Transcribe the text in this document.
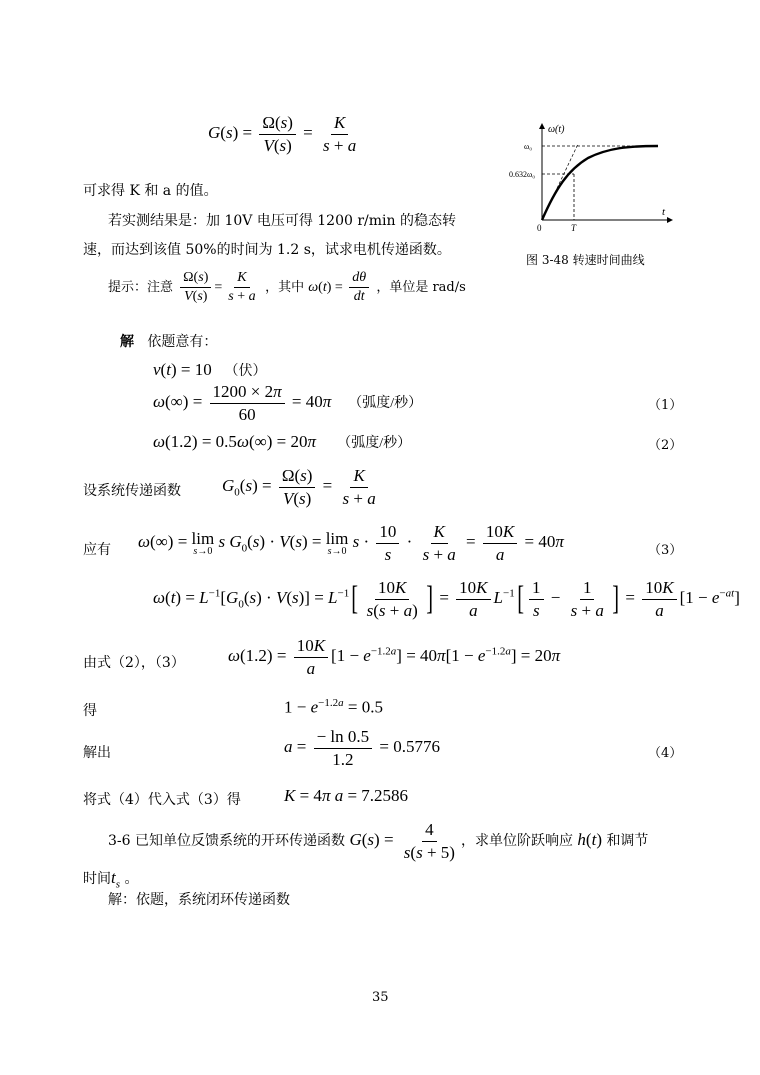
$G(s) = \frac{\Omega(s)}{V(s)} = \frac{K}{s + a}$	ω(t)
t
0	T
ω₀
0.632ω₀
图 3-48 转速时间曲线
可求得 K 和 a 的值。
若实测结果是：加 10V 电压可得 1200 r/min 的稳态转
速，而达到该值 50%的时间为 1.2 s，试求电机传递函数。
提示：注意 $\frac{\Omega(s)}{V(s)} = \frac{K}{s + a}$ ，其中 $\omega(t) = \frac{d\theta}{dt}$ ，单位是 rad/s
解 依题意有：
v(t) = 10   （伏）
$\omega(\infty) = \frac{1200 \times 2\pi}{60} = 40\pi$ （弧度/秒）	（1）
ω(1.2) = 0.5ω(∞) = 20π （弧度/秒）	（2）
设系统传递函数 $G_0(s) = \frac{\Omega(s)}{V(s)} = \frac{K}{s + a}$
应有 ω(∞) = lim
s→0
s $G_0(s) \cdot V(s) = \lim$
s→0
$s \cdot \frac{10}{s} \cdot \frac{K}{s + a} = \frac{10K}{a} = 40\pi$	（3）
$\omega(t) = L^{-1}[G_0(s) \cdot V(s)] = L^{-1}[ \frac{10K}{s(s + a)}$ ] = $\frac{10K}{a} L^{-1}[ \frac{1}{s} - \frac{1}{s + a}$ ] = $\frac{10K}{a} [1 - e^{-at}]$
由式（2），（3）	$\omega(1.2) = \frac{10K}{a} [1 - e^{-1.2a}] = 40\pi[1 - e^{-1.2a}] = 20\pi$
得	$1 - e^{-1.2a} = 0.5$
解出	$a = \frac{- \ln 0.5}{1.2} = 0.5776$	（4）
将式（4）代入式（3）得	K = 4π a = 7.2586
3-6 已知单位反馈系统的开环传递函数 $G(s) = \frac{4}{s(s + 5)}$ ，求单位阶跃响应 h(t) 和调节
时间$t_s$ 。
解：依题，系统闭环传递函数
35
